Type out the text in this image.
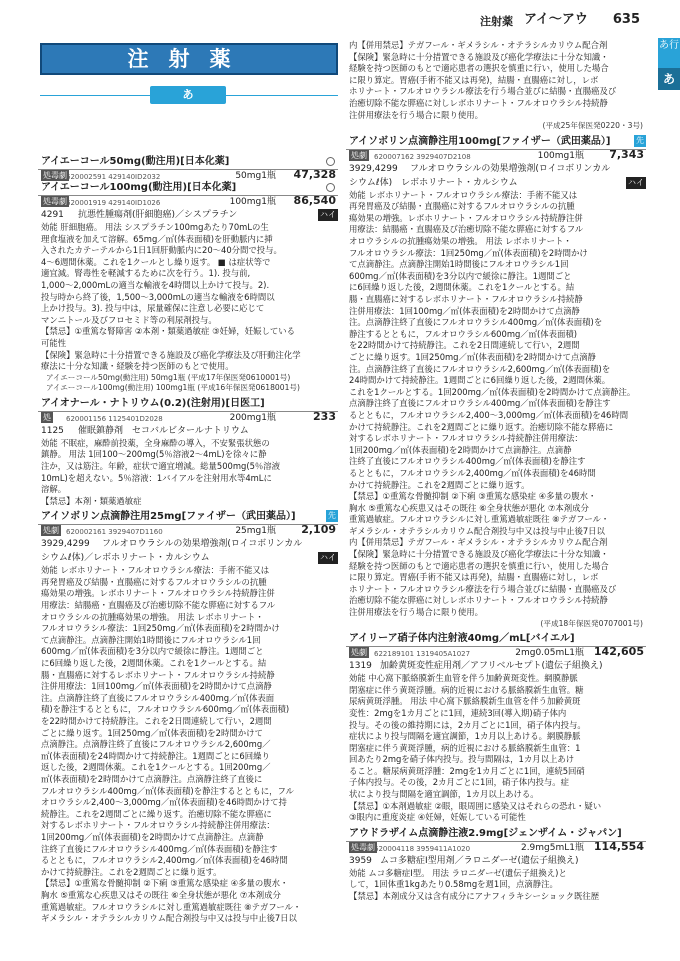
注射薬 アイ〜アウ 635
あ行
あ
注射薬
あ
アイエーコール50mg(動注用)[日本化薬]
処毒劇 620002591 429140ID2032	50mg1瓶 47,328
アイエーコール100mg(動注用)[日本化薬]
処毒劇 620001919 429140ID1026	100mg1瓶 86,540
4291 抗悪性腫瘍剤(肝細胞癌)／シスプラチン	ハイ

効能 肝細胞癌。 用法 シスプラチン100mgあたり70mLの生

理食塩液を加えて溶解。65mg／㎡(体表面積)を肝動脈内に挿

入されたカテーテルから1日1回肝動脈内に20〜40分間で投与。

4〜6週間休薬。これを1クールとし繰り返す。 ■ は症状等で

適宜減。腎毒性を軽減するために次を行う。1). 投与前,

1,000〜2,000mLの適当な輸液を4時間以上かけて投与。2).

投与時から終了後，1,500〜3,000mLの適当な輸液を6時間以

上かけ投与。3). 投与中は，尿量確保に注意し必要に応じて

マンニトール及びフロセミド等の利尿剤投与。

【禁忌】①重篤な腎障害 ②本剤・類薬過敏症 ③妊婦，妊娠している

可能性

【保険】緊急時に十分措置できる施設及び癌化学療法及び肝動注化学

療法に十分な知識・経験を持つ医師のもとで使用。

アイエーコール50mg(動注用) 50mg1瓶 (平成17年保医発0610001号)

アイエーコール100mg(動注用) 100mg1瓶 (平成16年保医発0618001号)

アイオナール・ナトリウム(0.2)(注射用)[日医工]
処 620001156 1125401D2028	200mg1瓶	233
1125 催眠鎮静剤　セコバルビタールナトリウム

効能 不眠症，麻酔前投薬，全身麻酔の導入，不安緊張状態の

鎮静。 用法 1回100〜200mg(5％溶液2〜4mL)を徐々に静

注か，又は筋注。年齢，症状で適宜増減。総量500mg(5％溶液

10mL)を超えない。5％溶液：1バイアルを注射用水等4mLに

溶解。

【禁忌】本剤・類薬過敏症

アイソボリン点滴静注用25mg[ファイザー（武田薬品）]	先
処劇 620002161 3929407D1160	25mg1瓶 2,109
3929,4299 フルオロウラシルの効果増強剤(ロイコボリンカル
シウムℓ体)／レボホリナート・カルシウム	ハイ

効能 レボホリナート・フルオロウラシル療法：手術不能又は

再発胃癌及び結腸・直腸癌に対するフルオロウラシルの抗腫

瘍効果の増強。レボホリナート・フルオロウラシル持続静注併

用療法：結腸癌・直腸癌及び治癒切除不能な膵癌に対するフル

オロウラシルの抗腫瘍効果の増強。 用法 レボホリナート・

フルオロウラシル療法：1回250mg／㎡(体表面積)を2時間かけ

て点滴静注。点滴静注開始1時間後にフルオロウラシル1回

600mg／㎡(体表面積)を3分以内で緩徐に静注。1週間ごと

に6回繰り返した後，2週間休薬。これを1クールとする。結

腸・直腸癌に対するレボホリナート・フルオロウラシル持続静

注併用療法：1回100mg／㎡(体表面積)を2時間かけて点滴静

注。点滴静注終了直後にフルオロウラシル400mg／㎡(体表面

積)を静注するとともに，フルオロウラシル600mg／㎡(体表面積)

を22時間かけて持続静注。これを2日間連続して行い，2週間

ごとに繰り返す。1回250mg／㎡(体表面積)を2時間かけて

点滴静注。点滴静注終了直後にフルオロウラシル2,600mg／

㎡(体表面積)を24時間かけて持続静注。1週間ごとに6回繰り

返した後，2週間休薬。これを1クールとする。1回200mg／

㎡(体表面積)を2時間かけて点滴静注。点滴静注終了直後に

フルオロウラシル400mg／㎡(体表面積)を静注するとともに，フル

オロウラシル2,400〜3,000mg／㎡(体表面積)を46時間かけて持

続静注。これを2週間ごとに繰り返す。治癒切除不能な膵癌に

対するレボホリナート・フルオロウラシル持続静注併用療法：

1回200mg／㎡(体表面積)を2時間かけて点滴静注。点滴静

注終了直後にフルオロウラシル400mg／㎡(体表面積)を静注す

るとともに，フルオロウラシル2,400mg／㎡(体表面積)を46時間

かけて持続静注。これを2週間ごとに繰り返す。

【禁忌】①重篤な骨髄抑制 ②下痢 ③重篤な感染症 ④多量の腹水・

胸水 ⑤重篤な心疾患又はその既往 ⑥全身状態が悪化 ⑦本剤成分

重篤過敏症。フルオロウラシルに対し重篤過敏症既往 ⑧テガフール・

ギメラシル・オテラシルカリウム配合剤投与中又は投与中止後7日以

内【併用禁忌】テガフール・ギメラシル・オテラシルカリウム配合剤

【保険】緊急時に十分措置できる施設及び癌化学療法に十分な知識・

経験を持つ医師のもとで適応患者の選択を慎重に行い，使用した場合

に限り算定。胃癌(手術不能又は再発)，結腸・直腸癌に対し，レボ

ホリナート・フルオロウラシル療法を行う場合並びに結腸・直腸癌及び

治癒切除不能な膵癌に対しレボホリナート・フルオロウラシル持続静

注併用療法を行う場合に限り使用。

(平成25年保医発0220・3号)

アイソボリン点滴静注用100mg[ファイザー（武田薬品）]	先
処劇 620007162 3929407D2108	100mg1瓶 7,343
3929,4299 フルオロウラシルの効果増強剤(ロイコボリンカル
シウムℓ体)　レボホリナート・カルシウム	ハイ

効能 レボホリナート・フルオロウラシル療法：手術不能又は

再発胃癌及び結腸・直腸癌に対するフルオロウラシルの抗腫

瘍効果の増強。レボホリナート・フルオロウラシル持続静注併

用療法：結腸癌・直腸癌及び治癒切除不能な膵癌に対するフル

オロウラシルの抗腫瘍効果の増強。 用法 レボホリナート・

フルオロウラシル療法：1回250mg／㎡(体表面積)を2時間かけ

て点滴静注。点滴静注開始1時間後にフルオロウラシル1回

600mg／㎡(体表面積)を3分以内で緩徐に静注。1週間ごと

に6回繰り返した後，2週間休薬。これを1クールとする。結

腸・直腸癌に対するレボホリナート・フルオロウラシル持続静

注併用療法：1回100mg／㎡(体表面積)を2時間かけて点滴静

注。点滴静注終了直後にフルオロウラシル400mg／㎡(体表面積)を

静注するとともに，フルオロウラシル600mg／㎡(体表面積)

を22時間かけて持続静注。これを2日間連続して行い，2週間

ごとに繰り返す。1回250mg／㎡(体表面積)を2時間かけて点滴静

注。点滴静注終了直後にフルオロウラシル2,600mg／㎡(体表面積)を

24時間かけて持続静注。1週間ごとに6回繰り返した後，2週間休薬。

これを1クールとする。1回200mg／㎡(体表面積)を2時間かけて点滴静注。

点滴静注終了直後にフルオロウラシル400mg／㎡(体表面積)を静注す

るとともに，フルオロウラシル2,400〜3,000mg／㎡(体表面積)を46時間

かけて持続静注。これを2週間ごとに繰り返す。治癒切除不能な膵癌に

対するレボホリナート・フルオロウラシル持続静注併用療法：

1回200mg／㎡(体表面積)を2時間かけて点滴静注。点滴静

注終了直後にフルオロウラシル400mg／㎡(体表面積)を静注す

るとともに，フルオロウラシル2,400mg／㎡(体表面積)を46時間

かけて持続静注。これを2週間ごとに繰り返す。

【禁忌】①重篤な骨髄抑制 ②下痢 ③重篤な感染症 ④多量の腹水・

胸水 ⑤重篤な心疾患又はその既往 ⑥全身状態が悪化 ⑦本剤成分

重篤過敏症。フルオロウラシルに対し重篤過敏症既往 ⑧テガフール・

ギメラシル・オテラシルカリウム配合剤投与中又は投与中止後7日以

内【併用禁忌】テガフール・ギメラシル・オテラシルカリウム配合剤

【保険】緊急時に十分措置できる施設及び癌化学療法に十分な知識・

経験を持つ医師のもとで適応患者の選択を慎重に行い，使用した場合

に限り算定。胃癌(手術不能又は再発)，結腸・直腸癌に対し，レボ

ホリナート・フルオロウラシル療法を行う場合並びに結腸・直腸癌及び

治癒切除不能な膵癌に対しレボホリナート・フルオロウラシル持続静

注併用療法を行う場合に限り使用。

(平成18年保医発0707001号)

アイリーア硝子体内注射液40mg／mL[バイエル]
処劇 622189101 1319405A1027	2mg0.05mL1瓶 142,605
1319 加齢黄斑変性症用剤／アフリベルセプト(遺伝子組換え)

効能 中心窩下脈絡膜新生血管を伴う加齢黄斑変性。網膜静脈

閉塞症に伴う黄斑浮腫。病的近視における脈絡膜新生血管。糖

尿病黄斑浮腫。 用法 中心窩下脈絡膜新生血管を伴う加齢黄斑

変性：2mgを1カ月ごとに1回，連続3回(導入期)硝子体内

投与。その後の維持期には，2カ月ごとに1回，硝子体内投与。

症状により投与間隔を適宜調節，1カ月以上あける。網膜静脈

閉塞症に伴う黄斑浮腫，病的近視における脈絡膜新生血管：1

回あたり2mgを硝子体内投与。投与間隔は，1カ月以上あけ

ること。糖尿病黄斑浮腫：2mgを1カ月ごとに1回，連続5回硝

子体内投与。その後，2カ月ごとに1回，硝子体内投与。症

状により投与間隔を適宜調節，1カ月以上あける。

【禁忌】①本剤過敏症 ②眼，眼周囲に感染又はそれらの恐れ・疑い

③眼内に重度炎症 ④妊婦，妊娠している可能性

アウドラザイム点滴静注液2.9mg[ジェンザイム・ジャパン]
処毒劇 620004118 3959411A1020	2.9mg5mL1瓶 114,554
3959 ムコ多糖症Ⅰ型用剤／ラロニダーゼ(遺伝子組換え)

効能 ムコ多糖症Ⅰ型。 用法 ラロニダーゼ(遺伝子組換え)と

して，1回体重1kgあたり0.58mgを週1回，点滴静注。

【禁忌】本剤成分又は含有成分にアナフィラキシーショック既往歴
